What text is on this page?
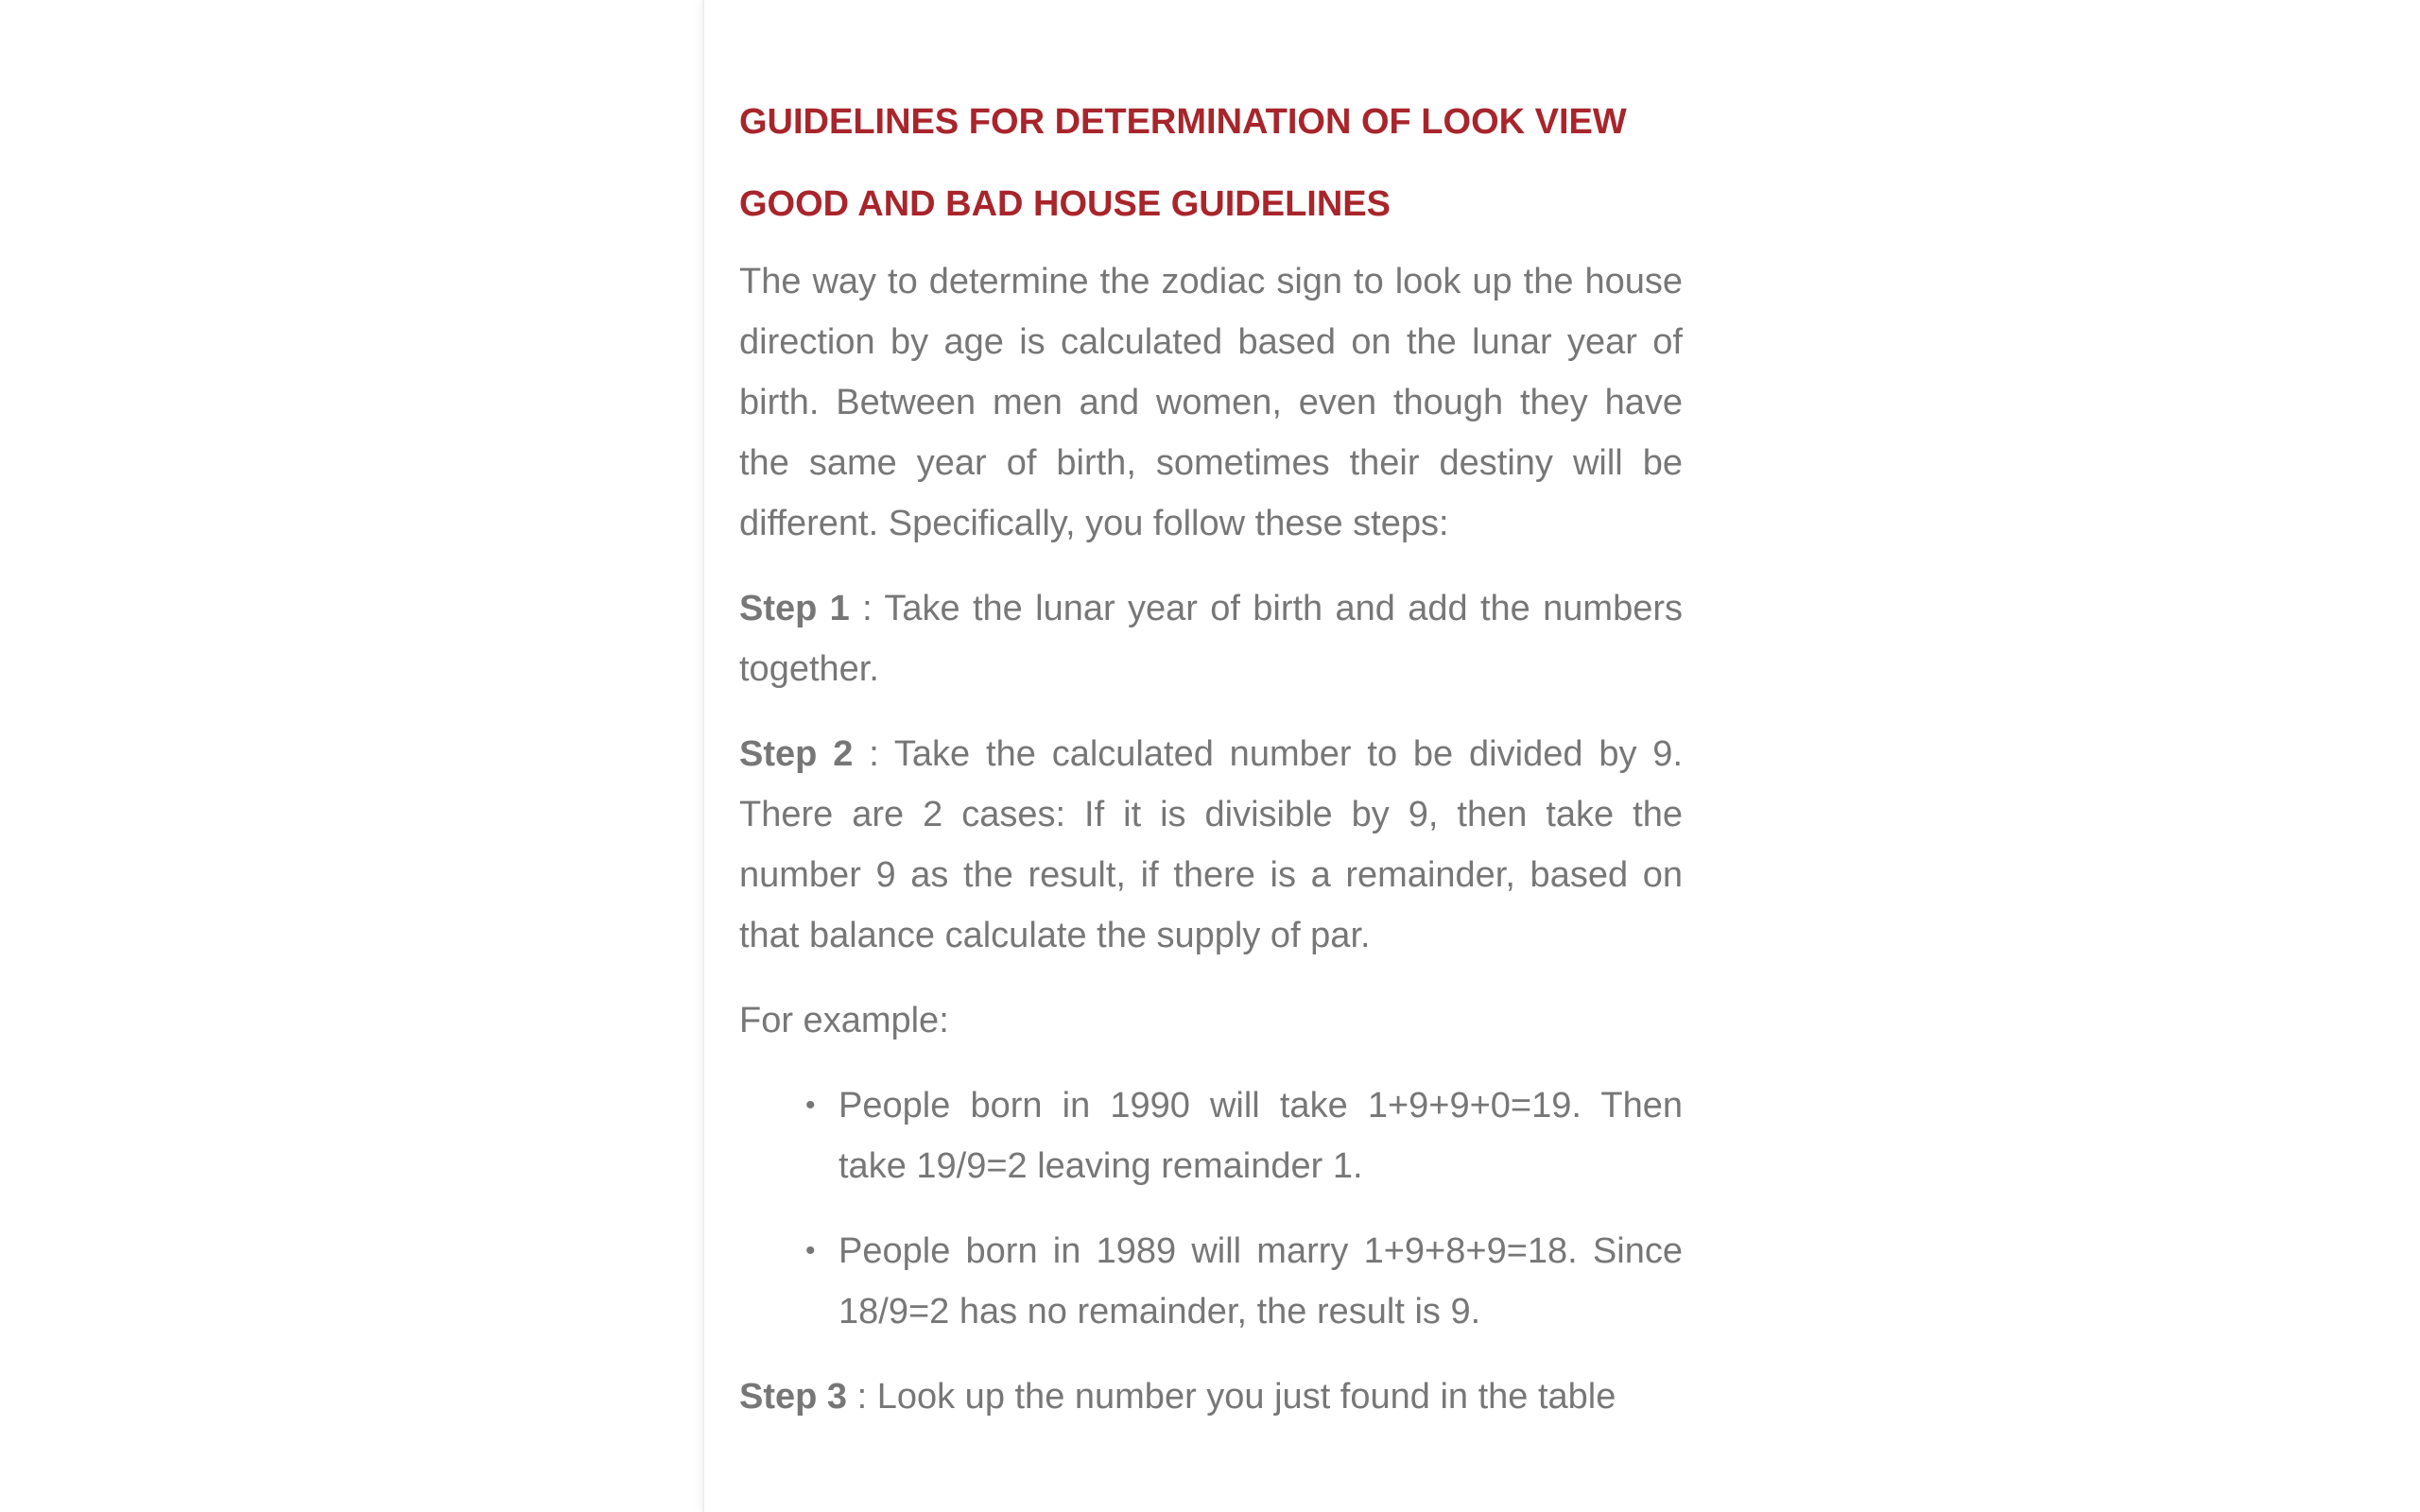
GUIDELINES FOR DETERMINATION OF LOOK VIEW
GOOD AND BAD HOUSE GUIDELINES

The way to determine the zodiac sign to look up the house direction by age is calculated based on the lunar year of birth. Between men and women, even though they have the same year of birth, sometimes their destiny will be different. Specifically, you follow these steps:

Step 1 : Take the lunar year of birth and add the numbers together.

Step 2 : Take the calculated number to be divided by 9. There are 2 cases: If it is divisible by 9, then take the number 9 as the result, if there is a remainder, based on that balance calculate the supply of par.

For example:

• People born in 1990 will take 1+9+9+0=19. Then take 19/9=2 leaving remainder 1.
• People born in 1989 will marry 1+9+8+9=18. Since 18/9=2 has no remainder, the result is 9.

Step 3 : Look up the number you just found in the table
